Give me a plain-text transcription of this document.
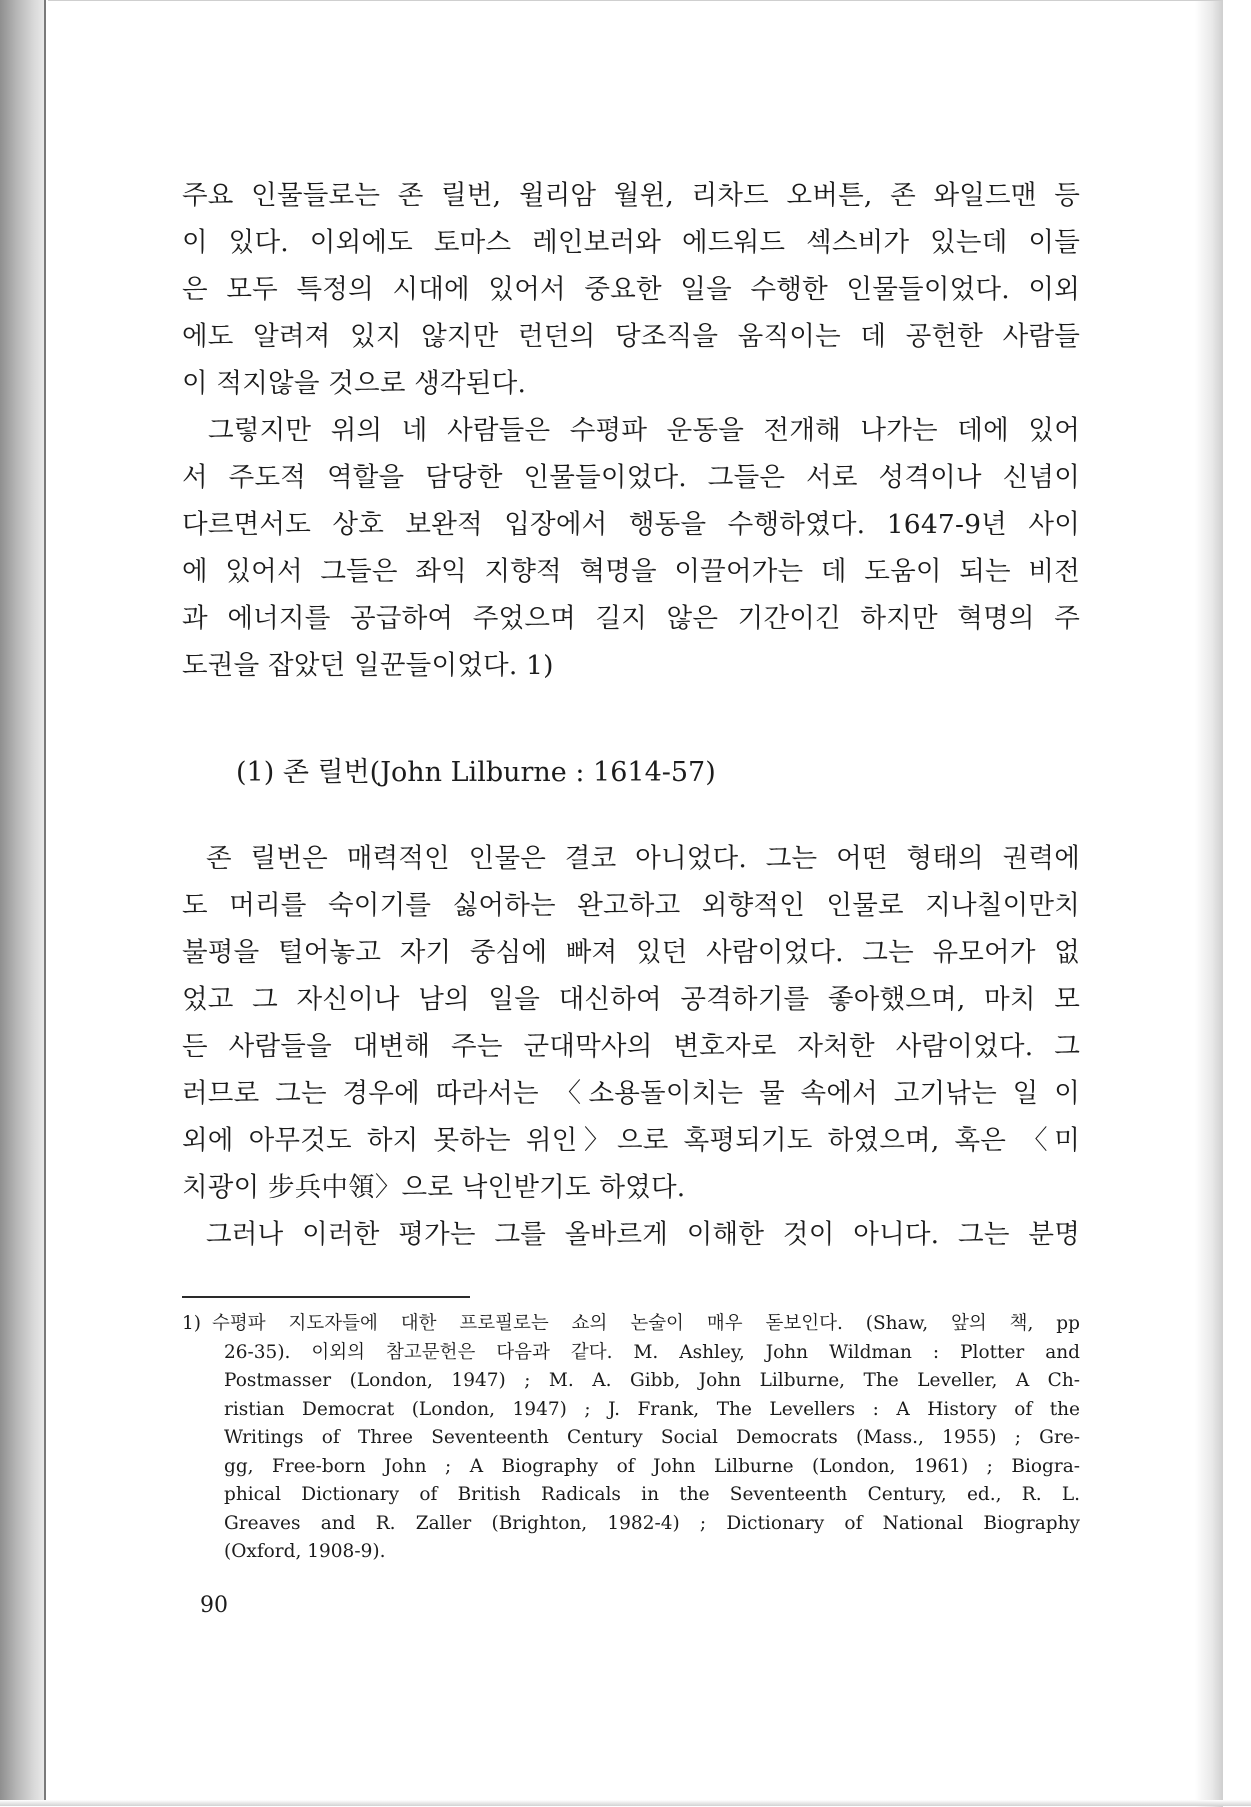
주요 인물들로는 존 릴번, 윌리암 월윈, 리차드 오버튼, 존 와일드맨 등
이 있다. 이외에도 토마스 레인보러와 에드워드 섹스비가 있는데 이들
은 모두 특정의 시대에 있어서 중요한 일을 수행한 인물들이었다. 이외
에도 알려져 있지 않지만 런던의 당조직을 움직이는 데 공헌한 사람들
이 적지않을 것으로 생각된다.
그렇지만 위의 네 사람들은 수평파 운동을 전개해 나가는 데에 있어
서 주도적 역할을 담당한 인물들이었다. 그들은 서로 성격이나 신념이
다르면서도 상호 보완적 입장에서 행동을 수행하였다. 1647-9년 사이
에 있어서 그들은 좌익 지향적 혁명을 이끌어가는 데 도움이 되는 비전
과 에너지를 공급하여 주었으며 길지 않은 기간이긴 하지만 혁명의 주
도권을 잡았던 일꾼들이었다. 1)
(1) 존 릴번(John Lilburne : 1614-57)
존 릴번은 매력적인 인물은 결코 아니었다. 그는 어떤 형태의 권력에
도 머리를 숙이기를 싫어하는 완고하고 외향적인 인물로 지나칠이만치
불평을 털어놓고 자기 중심에 빠져 있던 사람이었다. 그는 유모어가 없
었고 그 자신이나 남의 일을 대신하여 공격하기를 좋아했으며, 마치 모
든 사람들을 대변해 주는 군대막사의 변호자로 자처한 사람이었다. 그
러므로 그는 경우에 따라서는 〈소용돌이치는 물 속에서 고기낚는 일 이
외에 아무것도 하지 못하는 위인〉으로 혹평되기도 하였으며, 혹은 〈미
치광이 步兵中領〉으로 낙인받기도 하였다.
그러나 이러한 평가는 그를 올바르게 이해한 것이 아니다. 그는 분명
1) 수평파 지도자들에 대한 프로필로는 쇼의 논술이 매우 돋보인다. (Shaw, 앞의 책, pp
26-35). 이외의 참고문헌은 다음과 같다. M. Ashley, John Wildman : Plotter and
Postmasser (London, 1947) ; M. A. Gibb, John Lilburne, The Leveller, A Ch-
ristian Democrat (London, 1947) ; J. Frank, The Levellers : A History of the
Writings of Three Seventeenth Century Social Democrats (Mass., 1955) ; Gre-
gg, Free-born John ; A Biography of John Lilburne (London, 1961) ; Biogra-
phical Dictionary of British Radicals in the Seventeenth Century, ed., R. L.
Greaves and R. Zaller (Brighton, 1982-4) ; Dictionary of National Biography
(Oxford, 1908-9).
90
